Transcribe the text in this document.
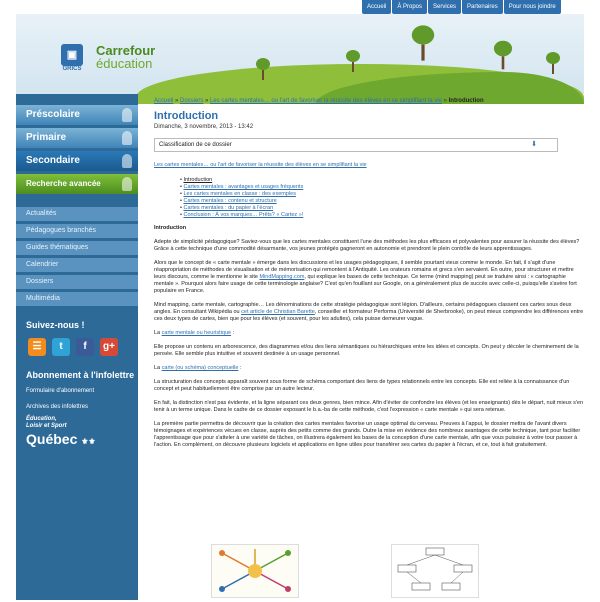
Accueil	À Propos	Services	Partenaires	Pour nous joindre
▣
GRICS
Carrefour
éducation
Préscolaire
Primaire
Secondaire
Recherche avancée
Actualités
Pédagogues branchés
Guides thématiques
Calendrier
Dossiers
Multimédia
Suivez-nous !
☰	t	f	g+
Abonnement à l'infolettre
Formulaire d'abonnement
Archives des infolettres
Éducation,
Loisir et Sport
Québec ⚜⚜
Accueil » Dossiers » Les cartes mentales… ou l'art de favoriser la réussite des élèves en se simplifiant la vie » Introduction
Introduction
Dimanche, 3 novembre, 2013 - 13:42
Classification de ce dossier	⬇
Les cartes mentales… ou l'art de favoriser la réussite des élèves en se simplifiant la vie
• Introduction
• Cartes mentales : avantages et usages fréquents
• Les cartes mentales en classe : des exemples
• Cartes mentales : contenu et structure
• Cartes mentales : du papier à l'écran
• Conclusion : À vos marques… Prêts? « Cartez »!
Introduction

Adepte de simplicité pédagogique? Saviez-vous que les cartes mentales constituent l'une des méthodes les plus efficaces et polyvalentes pour assurer la réussite des élèves? Grâce à cette technique d'une commodité désarmante, vos jeunes protégés gagneront en autonomie et prendront le plein contrôle de leurs apprentissages.

Alors que le concept de « carte mentale » émerge dans les discussions et les usages pédagogiques, il semble pourtant vieux comme le monde. En fait, il s'agit d'une réappropriation de méthodes de visualisation et de mémorisation qui remontent à l'Antiquité. Les orateurs romains et grecs s'en servaient. En outre, pour structurer et mettre leurs discours, comme le mentionne le site MindMapping.com, qui explique les bases de cette technique. Ce terme (mind mapping) peut se traduire ainsi : « cartographie mentale ». Pourquoi alors faire usage de cette terminologie anglaise? C'est qu'en fouillant sur Google, on a généralement plus de succès avec celle-ci, puisqu'elle s'avère fort populaire en France.

Mind mapping, carte mentale, cartographie… Les dénominations de cette stratégie pédagogique sont légion. D'ailleurs, certains pédagogues classent ces cartes sous deux angles. En consultant Wikipédia ou cet article de Christian Barette, conseiller et formateur Performa (Université de Sherbrooke), on peut mieux comprendre les différences entre ces deux types de cartes, bien que pour les élèves (et souvent, pour les adultes), cela puisse demeurer vague.

La carte mentale ou heuristique :

Elle propose un contenu en arborescence, des diagrammes et/ou des liens sémantiques ou hiérarchiques entre les idées et concepts. On peut y décoler le cheminement de la pensée. Elle semble plus intuitive et souvent destinée à un usage personnel.

La carte (ou schéma) conceptuelle :

La structuration des concepts apparaît souvent sous forme de schéma comportant des liens de types relationnels entre les concepts. Elle est reliée à la connaissance d'un concept et peut habituellement être comprise par un autre lecteur.

En fait, la distinction n'est pas évidente, et la ligne séparant ces deux genres, bien mince. Afin d'éviter de confondre les élèves (et les enseignants) dès le départ, nuit mieux s'en tenir à un terme unique. Dans le cadre de ce dossier exposant le b.a.-ba de cette méthode, c'est l'expression « carte mentale » qui sera retenue.

La première partie permettra de découvrir que la création des cartes mentales favorise un usage optimal du cerveau. Preuves à l'appui, le dossier mettra de l'avant divers témoignages et expériences vécues en classe, auprès des petits comme des grands. Outre la mise en évidence des nombreux avantages de cette technique, tant pour faciliter l'apprentissage que pour s'atteler à une variété de tâches, on illustrera également les bases de la conception d'une carte mentale, afin que vous puissiez à votre tour passer à l'action. En complément, on découvre plusieurs logiciels et applications en ligne utiles pour transférer ses cartes du papier à l'écran, et ce, tout à fait gratuitement.
